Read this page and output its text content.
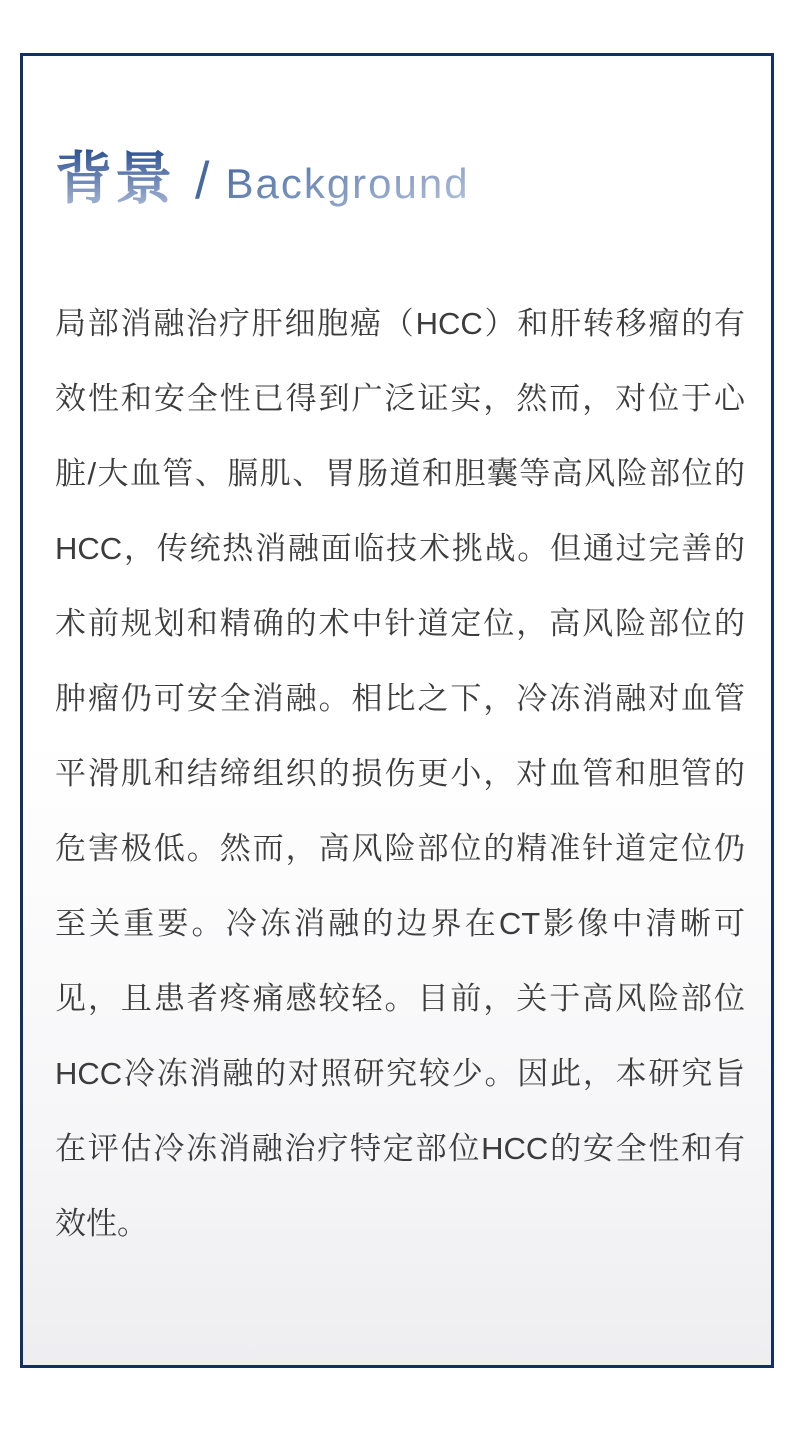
背景 / Background
局部消融治疗肝细胞癌（HCC）和肝转移瘤的有
效性和安全性已得到广泛证实，然而，对位于心
脏/大血管、膈肌、胃肠道和胆囊等高风险部位的
HCC，传统热消融面临技术挑战。但通过完善的
术前规划和精确的术中针道定位，高风险部位的
肿瘤仍可安全消融。相比之下，冷冻消融对血管
平滑肌和结缔组织的损伤更小，对血管和胆管的
危害极低。然而，高风险部位的精准针道定位仍
至关重要。冷冻消融的边界在CT影像中清晰可
见，且患者疼痛感较轻。目前，关于高风险部位
HCC冷冻消融的对照研究较少。因此，本研究旨
在评估冷冻消融治疗特定部位HCC的安全性和有
效性。
